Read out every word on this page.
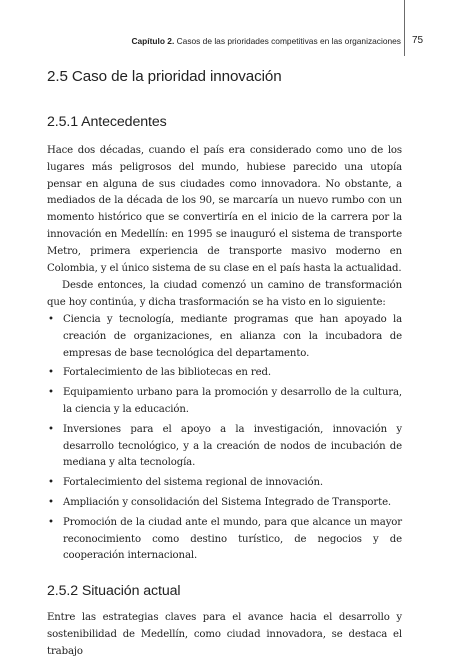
Capítulo 2. Casos de las prioridades competitivas en las organizaciones 75
2.5 Caso de la prioridad innovación
2.5.1 Antecedentes

Hace dos décadas, cuando el país era considerado como uno de los lugares más peligrosos del mundo, hubiese parecido una utopía pensar en alguna de sus ciudades como innovadora. No obstante, a mediados de la década de los 90, se marcaría un nuevo rumbo con un momento histórico que se convertiría en el inicio de la carrera por la innovación en Medellín: en 1995 se inauguró el sistema de transporte Metro, primera experiencia de transporte masivo moderno en Colombia, y el único sistema de su clase en el país hasta la actualidad.

Desde entonces, la ciudad comenzó un camino de transformación que hoy continúa, y dicha trasformación se ha visto en lo siguiente:

• Ciencia y tecnología, mediante programas que han apoyado la creación de organizaciones, en alianza con la incubadora de empresas de base tecnológica del departamento.
• Fortalecimiento de las bibliotecas en red.
• Equipamiento urbano para la promoción y desarrollo de la cultura, la ciencia y la educación.
• Inversiones para el apoyo a la investigación, innovación y desarrollo tecnológico, y a la creación de nodos de incubación de mediana y alta tecnología.
• Fortalecimiento del sistema regional de innovación.
• Ampliación y consolidación del Sistema Integrado de Transporte.
• Promoción de la ciudad ante el mundo, para que alcance un mayor reconocimiento como destino turístico, de negocios y de cooperación internacional.
2.5.2 Situación actual

Entre las estrategias claves para el avance hacia el desarrollo y sostenibilidad de Medellín, como ciudad innovadora, se destaca el trabajo
